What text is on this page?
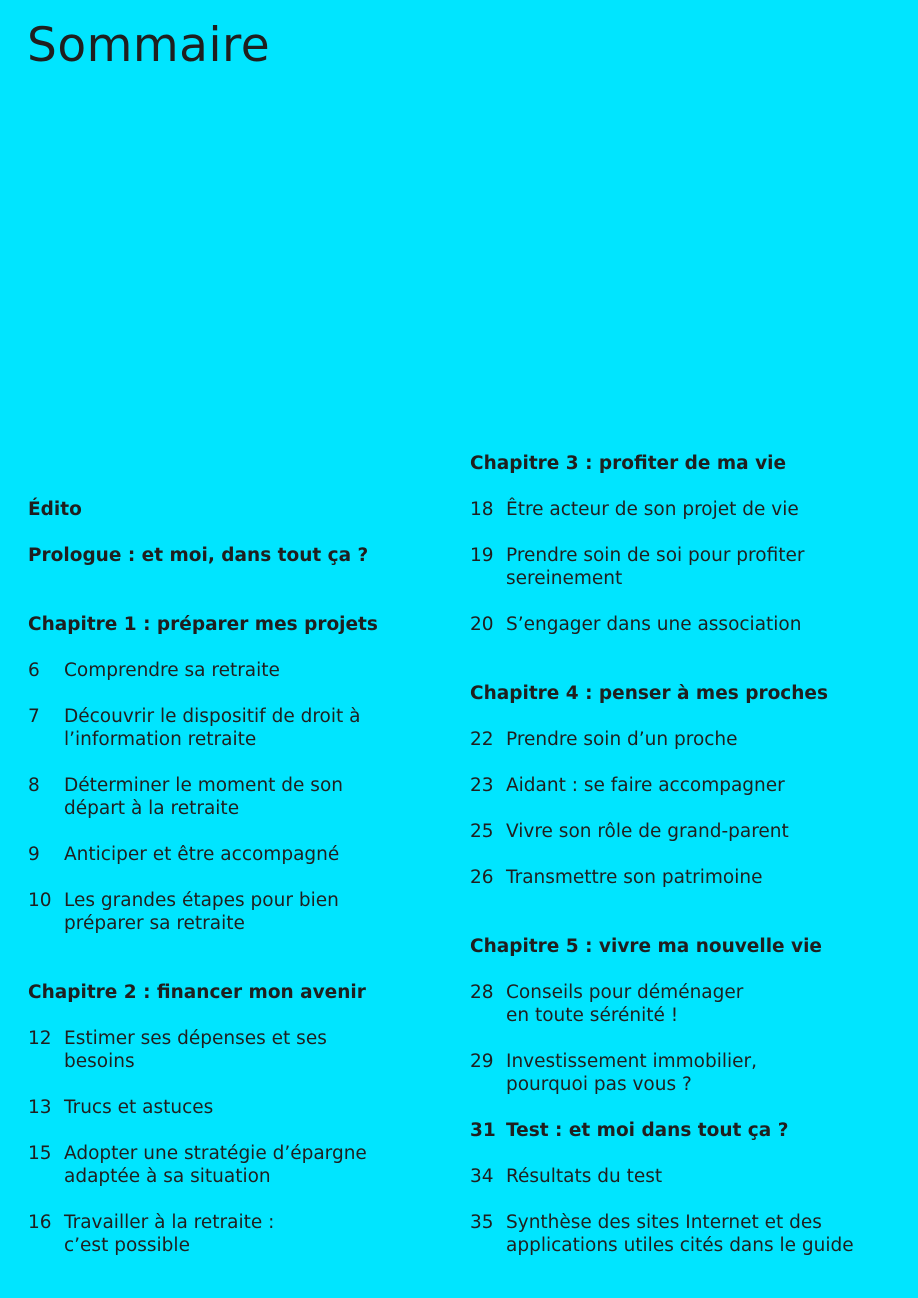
Sommaire
Édito
Prologue : et moi, dans tout ça ?
Chapitre 1 : préparer mes projets
6 Comprendre sa retraite
7 Découvrir le dispositif de droit à
l’information retraite
8 Déterminer le moment de son
départ à la retraite
9 Anticiper et être accompagné
10 Les grandes étapes pour bien
préparer sa retraite
Chapitre 2 : financer mon avenir
12 Estimer ses dépenses et ses
besoins
13 Trucs et astuces
15 Adopter une stratégie d’épargne
adaptée à sa situation
16 Travailler à la retraite :
c’est possible
Chapitre 3 : profiter de ma vie
18 Être acteur de son projet de vie
19 Prendre soin de soi pour profiter
sereinement
20 S’engager dans une association
Chapitre 4 : penser à mes proches
22 Prendre soin d’un proche
23 Aidant : se faire accompagner
25 Vivre son rôle de grand-parent
26 Transmettre son patrimoine
Chapitre 5 : vivre ma nouvelle vie
28 Conseils pour déménager
en toute sérénité !
29 Investissement immobilier,
pourquoi pas vous ?
31 Test : et moi dans tout ça ?
34 Résultats du test
35 Synthèse des sites Internet et des
applications utiles cités dans le guide
